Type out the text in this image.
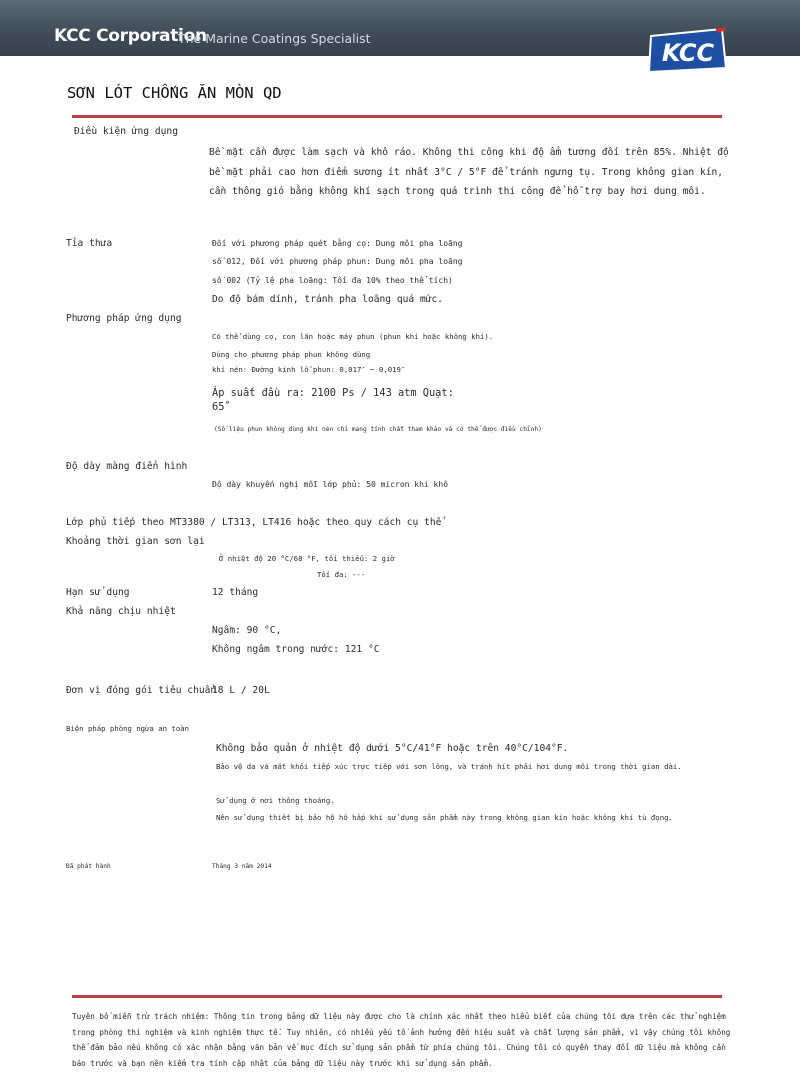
KCC Corporation
The Marine Coatings Specialist
KCC
SƠN LÓT CHỐNG ĂN MÒN QD
Điều kiện ứng dụng
Bề mặt cần được làm sạch và khô ráo. Không thi công khi độ ẩm tương đối trên 85%. Nhiệt độ bề mặt phải cao hơn điểm sương ít nhất 3°C / 5°F để tránh ngưng tụ. Trong không gian kín, cần thông gió bằng không khí sạch trong quá trình thi công để hỗ trợ bay hơi dung môi.
Tỉa thưa	Đối với phương pháp quét bằng cọ: Dung môi pha loãng
số 012, Đối với phương pháp phun: Dung môi pha loãng
số 002 (Tỷ lệ pha loãng: Tối đa 10% theo thể tích)
Do độ bám dính, tránh pha loãng quá mức.
Phương pháp ứng dụng
Có thể dùng cọ, con lăn hoặc máy phun (phun khí hoặc không khí).
Dùng cho phương pháp phun không dùng
khí nén: Đường kính lỗ phun: 0,017″ ~ 0,019″
Áp suất đầu ra: 2100 Ps / 143 atm Quạt:
65˚
(Số liệu phun không dùng khí nén chỉ mang tính chất tham khảo và có thể được điều chỉnh)
Độ dày màng điển hình
Độ dày khuyến nghị mỗi lớp phủ: 50 micron khi khô
Lớp phủ tiếp theo MT3380 / LT313, LT416 hoặc theo quy cách cụ thể
Khoảng thời gian sơn lại
Ở nhiệt độ 20 °C/68 °F, tối thiểu: 2 giờ
Tối đa: ---
Hạn sử dụng	12 tháng
Khả năng chịu nhiệt
Ngâm: 90 °C,
Không ngâm trong nước: 121 °C
Đơn vị đóng gói tiêu chuẩn
18 L / 20L
Biện pháp phòng ngừa an toàn
Không bảo quản ở nhiệt độ dưới 5°C/41°F hoặc trên 40°C/104°F.
Bảo vệ da và mắt khỏi tiếp xúc trực tiếp với sơn lỏng, và tránh hít phải hơi dung môi trong thời gian dài.
Sử dụng ở nơi thông thoáng.
Nên sử dụng thiết bị bảo hộ hô hấp khi sử dụng sản phẩm này trong không gian kín hoặc không khí tù đọng.
Đã phát hành	Tháng 3 năm 2014
Tuyên bố miễn trừ trách nhiệm: Thông tin trong bảng dữ liệu này được cho là chính xác nhất theo hiểu biết của chúng tôi dựa trên các thử nghiệm trong phòng thí nghiệm và kinh nghiệm thực tế. Tuy nhiên, có nhiều yếu tố ảnh hưởng đến hiệu suất và chất lượng sản phẩm, vì vậy chúng tôi không thể đảm bảo nếu không có xác nhận bằng văn bản về mục đích sử dụng sản phẩm từ phía chúng tôi. Chúng tôi có quyền thay đổi dữ liệu mà không cần báo trước và bạn nên kiểm tra tính cập nhật của bảng dữ liệu này trước khi sử dụng sản phẩm.
